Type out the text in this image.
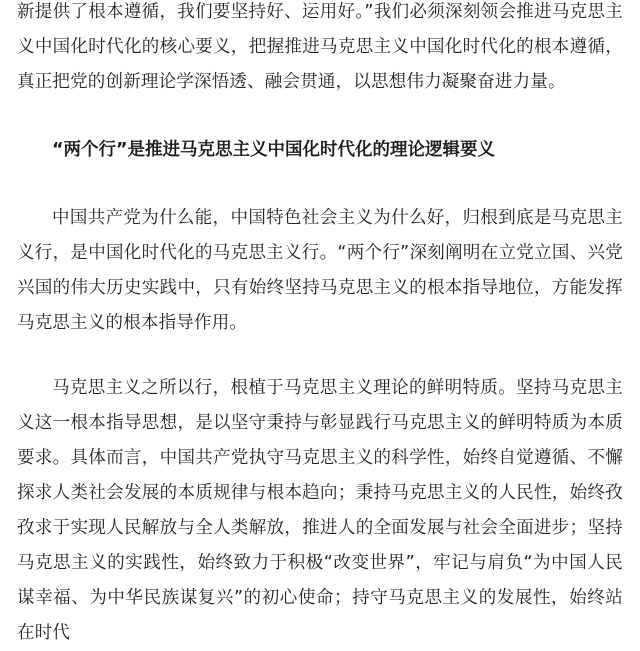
新提供了根本遵循，我们要坚持好、运用好。”我们必须深刻领会推进马克思主义中国化时代化的核心要义，把握推进马克思主义中国化时代化的根本遵循，真正把党的创新理论学深悟透、融会贯通，以思想伟力凝聚奋进力量。

“两个行”是推进马克思主义中国化时代化的理论逻辑要义

中国共产党为什么能，中国特色社会主义为什么好，归根到底是马克思主义行，是中国化时代化的马克思主义行。“两个行”深刻阐明在立党立国、兴党兴国的伟大历史实践中，只有始终坚持马克思主义的根本指导地位，方能发挥马克思主义的根本指导作用。

马克思主义之所以行，根植于马克思主义理论的鲜明特质。坚持马克思主义这一根本指导思想，是以坚守秉持与彰显践行马克思主义的鲜明特质为本质要求。具体而言，中国共产党执守马克思主义的科学性，始终自觉遵循、不懈探求人类社会发展的本质规律与根本趋向；秉持马克思主义的人民性，始终孜孜求于实现人民解放与全人类解放，推进人的全面发展与社会全面进步；坚持马克思主义的实践性，始终致力于积极“改变世界”，牢记与肩负“为中国人民谋幸福、为中华民族谋复兴”的初心使命；持守马克思主义的发展性，始终站在时代
